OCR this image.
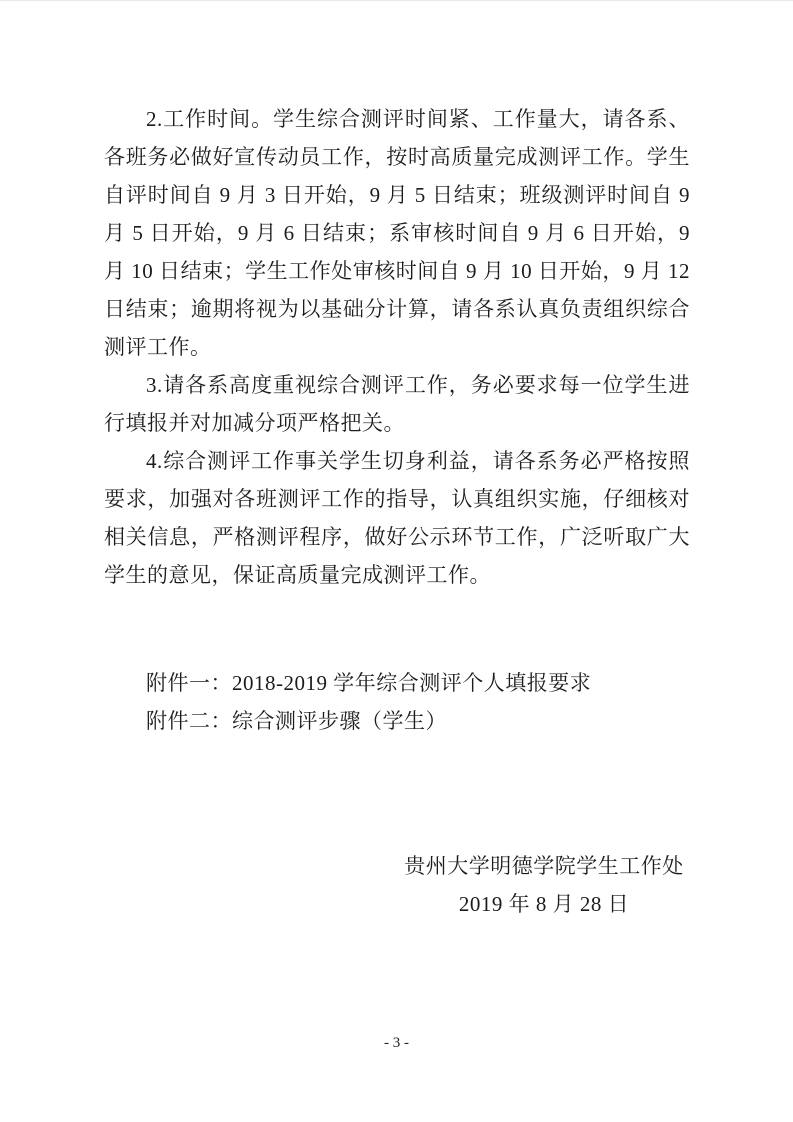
2.工作时间。学生综合测评时间紧、工作量大，请各系、
各班务必做好宣传动员工作，按时高质量完成测评工作。学生
自评时间自 9 月 3 日开始，9 月 5 日结束；班级测评时间自 9
月 5 日开始，9 月 6 日结束；系审核时间自 9 月 6 日开始，9
月 10 日结束；学生工作处审核时间自 9 月 10 日开始，9 月 12
日结束；逾期将视为以基础分计算，请各系认真负责组织综合
测评工作。
3.请各系高度重视综合测评工作，务必要求每一位学生进
行填报并对加减分项严格把关。
4.综合测评工作事关学生切身利益，请各系务必严格按照
要求，加强对各班测评工作的指导，认真组织实施，仔细核对
相关信息，严格测评程序，做好公示环节工作，广泛听取广大
学生的意见，保证高质量完成测评工作。
附件一：2018-2019 学年综合测评个人填报要求
附件二：综合测评步骤（学生）
贵州大学明德学院学生工作处
2019 年 8 月 28 日
- 3 -
